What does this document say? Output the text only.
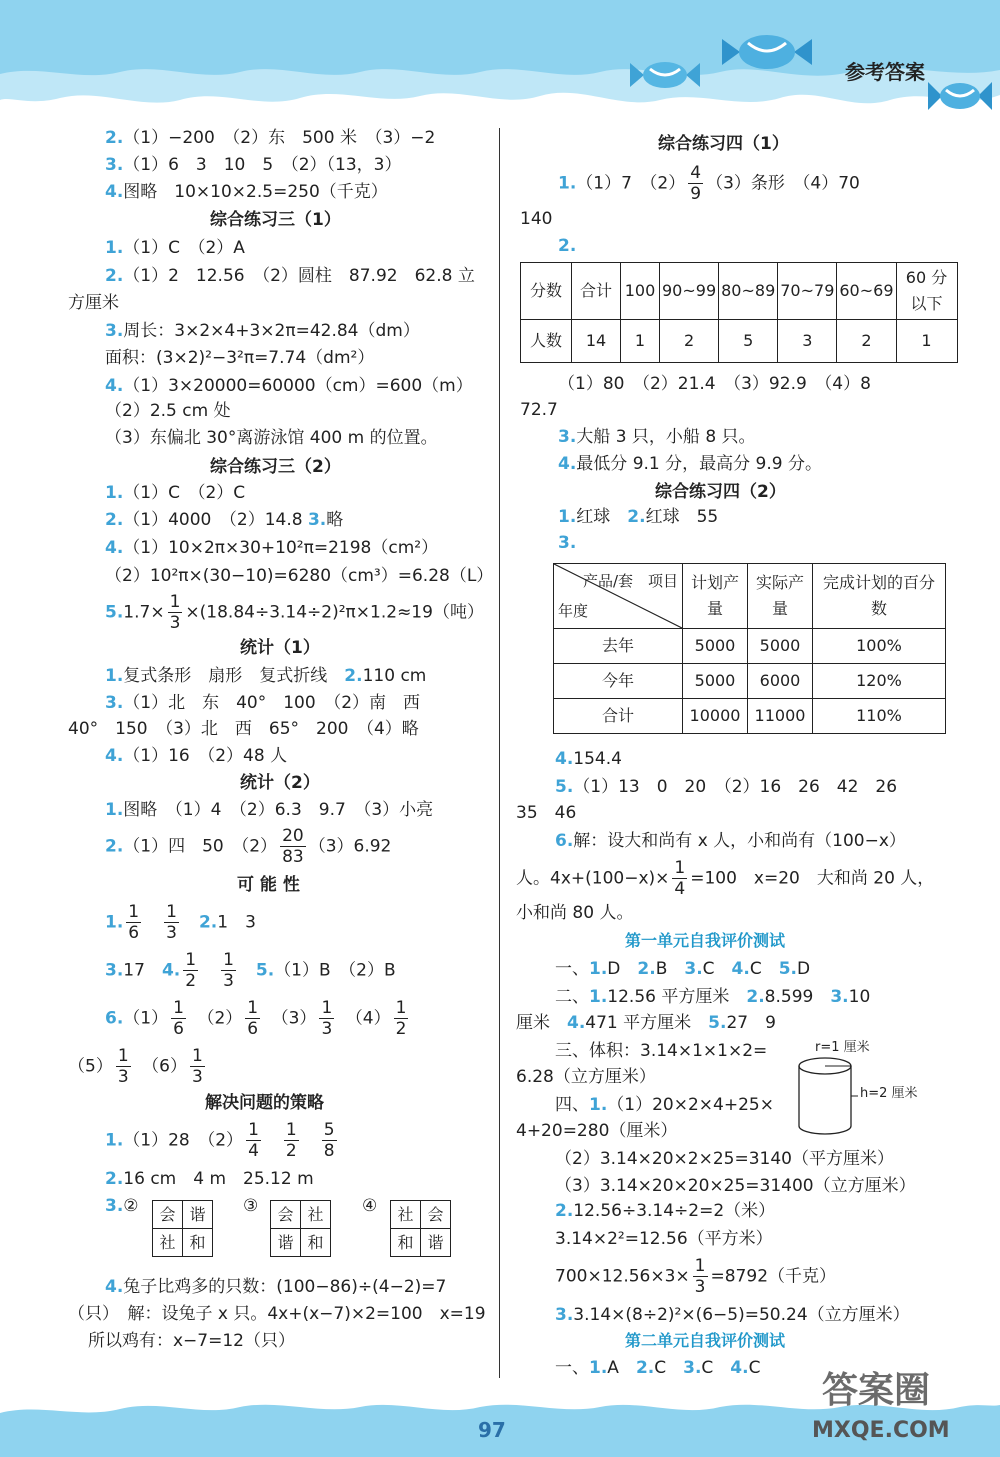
参考答案
2.（1）−200　（2）东　500 米　（3）−2
3.（1）6　3　10　5　（2）（13，3）
4.图略　10×10×2.5=250（千克）
综合练习三（1）
1.（1）C　（2）A
2.（1）2　12.56　（2）圆柱　87.92　62.8 立
方厘米
3.周长：3×2×4+3×2π=42.84（dm）
面积：(3×2)²−3²π=7.74（dm²）
4.（1）3×20000=60000（cm）=600（m）
（2）2.5 cm 处
（3）东偏北 30°离游泳馆 400 m 的位置。
综合练习三（2）
1.（1）C　（2）C
2.（1）4000　（2）14.8 3.略
4.（1）10×2π×30+10²π=2198（cm²）
（2）10²π×(30−10)=6280（cm³）=6.28（L）
$5.1.7\times \frac{1}{3} \times(18.84\div 3.14\div 2)^2\pi\times 1.2\approx 19$（吨）
统计（1）
1.复式条形　扇形　复式折线　 2.110 cm
3.（1）北　东　40°　100　（2）南　西
40°　150　（3）北　西　65°　200　（4）略
4.（1）16　（2）48 人
统计（2）
1.图略　（1）4　（2）6.3　9.7　（3）小亮
2.（1）四　50　$(2) \frac{20}{83} (3)6.92$
可 能 性
1. $\frac{1}{6}$
　 $\frac{1}{3}$
　 2.1　3
3.17　 4. $\frac{1}{2}$
　 $\frac{1}{3}$
　 5.（1）B　（2）B
$6.(1) \frac{1}{6}$
　 $(2) \frac{1}{6}$
　 $(3) \frac{1}{3}$
　 $(4) \frac{1}{2}$
$(5) \frac{1}{3}$
　 $(6) \frac{1}{3}$
解决问题的策略
1.（1）28　$(2) \frac{1}{4}$
　 $\frac{1}{2}$
　 $\frac{5}{8}$
2.16 cm　4 m　25.12 m
3.② 会	谐
社	和
③ 会	社
谐	和
④ 社	会
和	谐
4.兔子比鸡多的只数：(100−86)÷(4−2)=7
（只）　解：设兔子 x 只。4x+(x−7)×2=100　x=19
所以鸡有：x−7=12（只）
综合练习四（1）
1.（1）7　$(2) \frac{4}{9} (3)$条形　（4）70
140
2.
分数	合计	100	90~99	80~89	70~79	60~69	60 分以下
人数	14	1	2	5	3	2	1
（1）80　（2）21.4　（3）92.9　（4）8
72.7
3.大船 3 只，小船 8 只。
4.最低分 9.1 分，最高分 9.9 分。
综合练习四（2）
1.红球　 2.红球　55
3.
产品/套　项目
年度	计划产量	实际产量	完成计划的百分数
去年	5000	5000	100%
今年	5000	6000	120%
合计	10000	11000	110%
4.154.4
5.（1）13　0　20　（2）16　26　42　26
35　46
6.解：设大和尚有 x 人，小和尚有（100−x）
人。$4x+(100-x)\times \frac{1}{4} =100$　x=20　大和尚 20 人，
小和尚 80 人。
第一单元自我评价测试
一、1.D　 2.B　 3.C　 4.C　 5.D
二、1.12.56 平方厘米　 2.8.599　 3.10
厘米　 4.471 平方厘米　 5.27　9
三、体积：3.14×1×1×2=
6.28（立方厘米）
r=1 厘米
h=2 厘米
四、1.（1）20×2×4+25×
4+20=280（厘米）
（2）3.14×20×2×25=3140（平方厘米）
（3）3.14×20×20×25=31400（立方厘米）
2.12.56÷3.14÷2=2（米）
3.14×2²=12.56（平方米）
$700\times 12.56\times 3\times \frac{1}{3} =8792$（千克）
3.3.14×(8÷2)²×(6−5)=50.24（立方厘米）
第二单元自我评价测试
一、1.A　 2.C　 3.C　 4.C
97
答案圈
MXQE.COM
